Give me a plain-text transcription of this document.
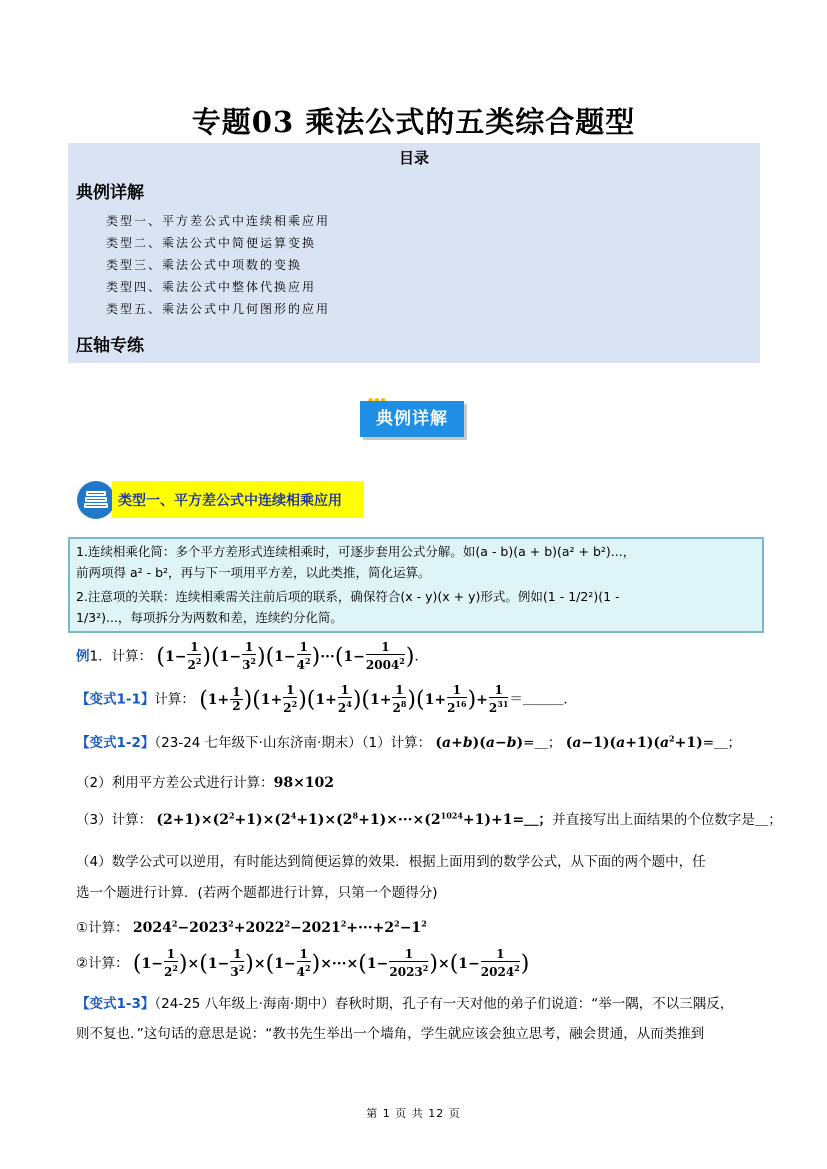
专题03 乘法公式的五类综合题型
目录
典例详解
类型一、平方差公式中连续相乘应用
类型二、乘法公式中简便运算变换
类型三、乘法公式中项数的变换
类型四、乘法公式中整体代换应用
类型五、乘法公式中几何图形的应用
压轴专练
典例详解
类型一、平方差公式中连续相乘应用
1.连续相乘化简：多个平方差形式连续相乘时，可逐步套用公式分解。如(a - b)(a + b)(a² + b²)...，
前两项得 a² - b²，再与下一项用平方差，以此类推，简化运算。
2.注意项的关联：连续相乘需关注前后项的联系，确保符合(x - y)(x + y)形式。例如(1 - 1/2²)(1 -
1/3²)...，每项拆分为两数和差，连续约分化简。
例1．计算： $(1- \frac{1}{2^2} )(1- \frac{1}{3^2} )(1- \frac{1}{4^2} )\cdot\cdot\cdot(1- \frac{1}{2004^2}$ )．
【变式1-1】计算： $(1+ \frac{1}{2} )(1+ \frac{1}{2^2} )(1+ \frac{1}{2^4} )(1+ \frac{1}{2^8} )(1+ \frac{1}{2^{16}}$ )+ $\frac{1}{2^{31}}$ ＝＿＿＿．
【变式1-2】（23-24 七年级下·山东济南·期末）（1）计算： (a+b)(a−b)=＿； $(a-1)(a+1)(a^2+1)=\_$；
（2）利用平方差公式进行计算：98×102
（3）计算： $(2+1)\times(2^2+1)\times(2^4+1)\times(2^8+1)\times\cdot\cdot\cdot\times(2^{1024}+1)+1=\_$；并直接写出上面结果的个位数字是＿；
（4）数学公式可以逆用，有时能达到简便运算的效果．根据上面用到的数学公式，从下面的两个题中，任
选一个题进行计算．(若两个题都进行计算，只第一个题得分)
①计算： $2024^2-2023^2+2022^2-2021^2+\cdot\cdot\cdot+2^2-1^2$
②计算： $(1- \frac{1}{2^2} )\times(1- \frac{1}{3^2} )\times(1- \frac{1}{4^2} )\times\cdot\cdot\cdot\times(1- \frac{1}{2023^2} )\times(1- \frac{1}{2024^2}$ )
【变式1-3】（24-25 八年级上·海南·期中）春秋时期，孔子有一天对他的弟子们说道：“举一隅，不以三隅反，
则不复也．”这句话的意思是说：“教书先生举出一个墙角，学生就应该会独立思考，融会贯通，从而类推到
第 1 页 共 12 页
